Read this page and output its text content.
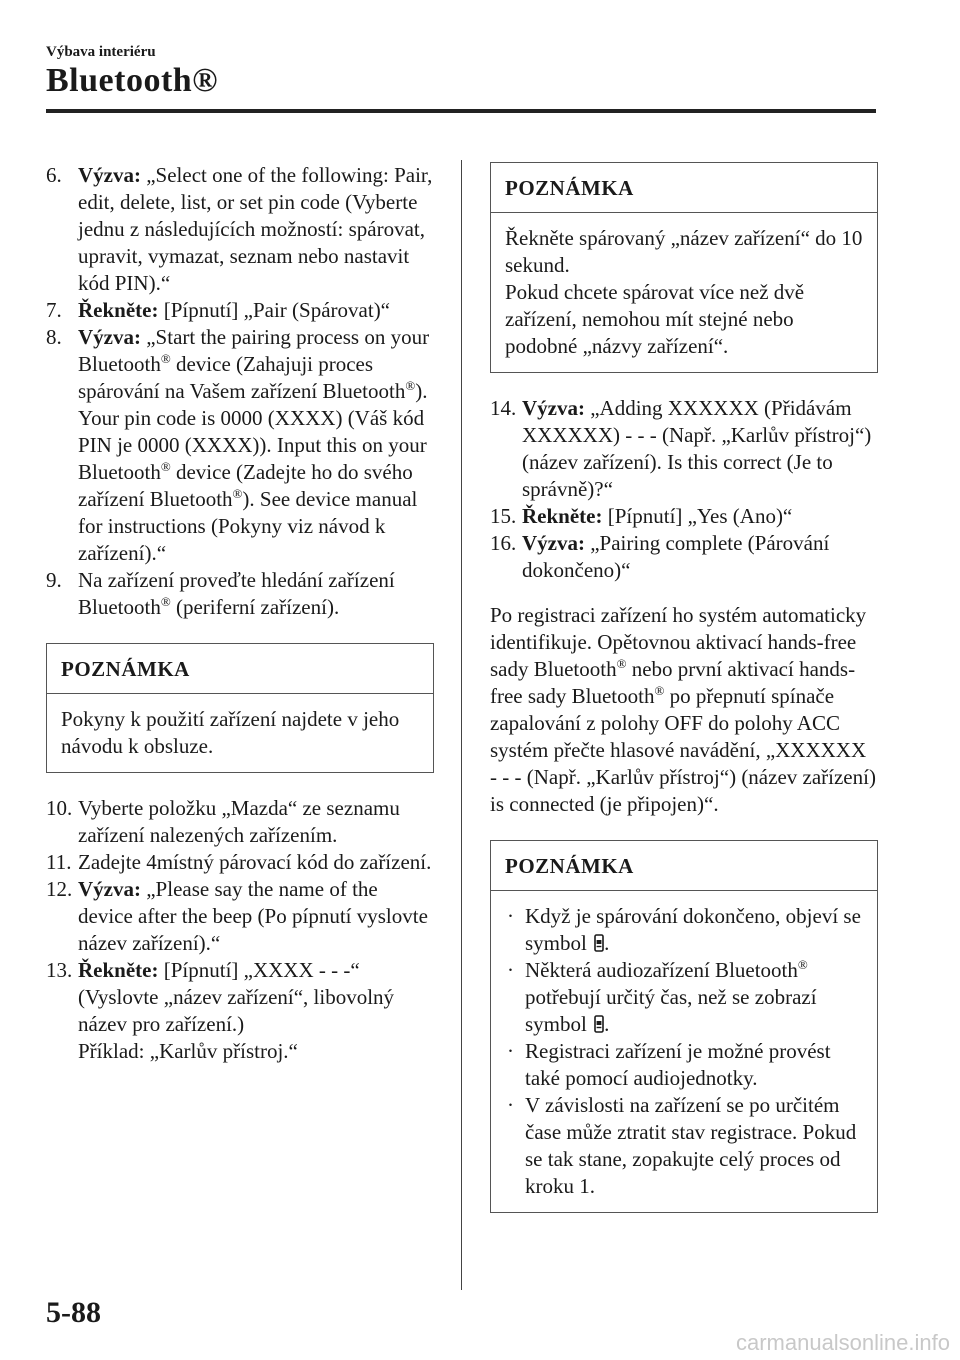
Výbava interiéru
Bluetooth®
6. Výzva: „Select one of the following: Pair, edit, delete, list, or set pin code (Vyberte jednu z následujících možností: spárovat, upravit, vymazat, seznam nebo nastavit kód PIN).“
7. Řekněte: [Pípnutí] „Pair (Spárovat)“
8. Výzva: „Start the pairing process on your Bluetooth® device (Zahajuji proces spárování na Vašem zařízení Bluetooth®). Your pin code is 0000 (XXXX) (Váš kód PIN je 0000 (XXXX)). Input this on your Bluetooth® device (Zadejte ho do svého zařízení Bluetooth®). See device manual for instructions (Pokyny viz návod k zařízení).“
9. Na zařízení proveďte hledání zařízení Bluetooth® (periferní zařízení).
POZNÁMKA
Pokyny k použití zařízení najdete v jeho návodu k obsluze.
10. Vyberte položku „Mazda“ ze seznamu zařízení nalezených zařízením.
11. Zadejte 4místný párovací kód do zařízení.
12. Výzva: „Please say the name of the device after the beep (Po pípnutí vyslovte název zařízení).“
13. Řekněte: [Pípnutí] „XXXX - - -“
(Vyslovte „název zařízení“, libovolný název pro zařízení.)
Příklad: „Karlův přístroj.“
POZNÁMKA
Řekněte spárovaný „název zařízení“ do 10 sekund.
Pokud chcete spárovat více než dvě zařízení, nemohou mít stejné nebo podobné „názvy zařízení“.
14. Výzva: „Adding XXXXXX (Přidávám XXXXXX) - - - (Např. „Karlův přístroj“) (název zařízení). Is this correct (Je to správně)?“
15. Řekněte: [Pípnutí] „Yes (Ano)“
16. Výzva: „Pairing complete (Párování dokončeno)“
Po registraci zařízení ho systém automaticky identifikuje. Opětovnou aktivací hands-free sady Bluetooth® nebo první aktivací hands-free sady Bluetooth® po přepnutí spínače zapalování z polohy OFF do polohy ACC systém přečte hlasové navádění, „XXXXXX - - - (Např. „Karlův přístroj“) (název zařízení) is connected (je připojen)“.
POZNÁMKA
· Když je spárování dokončeno, objeví se symbol .
· Některá audiozařízení Bluetooth® potřebují určitý čas, než se zobrazí symbol .
· Registraci zařízení je možné provést také pomocí audiojednotky.
· V závislosti na zařízení se po určitém čase může ztratit stav registrace. Pokud se tak stane, zopakujte celý proces od kroku 1.
5-88
carmanualsonline.info
